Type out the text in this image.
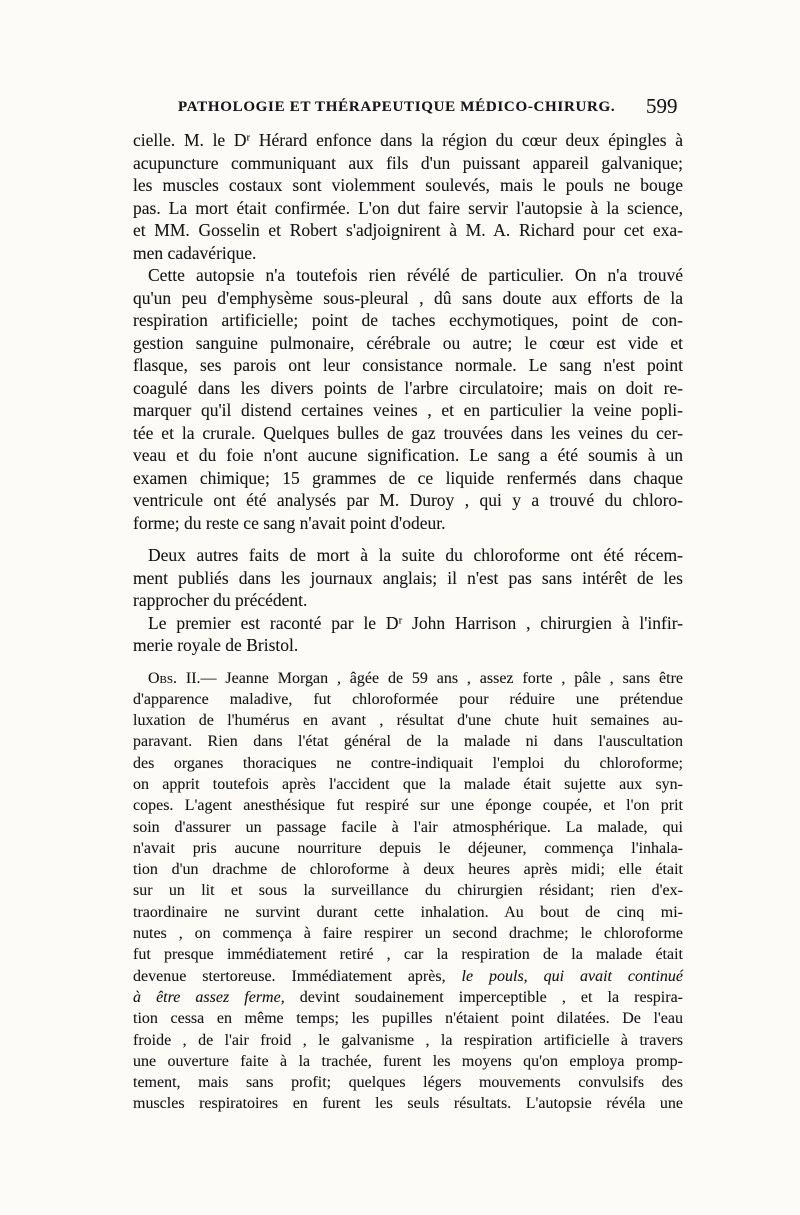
PATHOLOGIE ET THÉRAPEUTIQUE MÉDICO-CHIRURG. 599
cielle. M. le $D^r$ Hérard enfonce dans la région du cœur deux épingles à
acupuncture communiquant aux fils d'un puissant appareil galvanique;
les muscles costaux sont violemment soulevés, mais le pouls ne bouge
pas. La mort était confirmée. L'on dut faire servir l'autopsie à la science,
et MM. Gosselin et Robert s'adjoignirent à M. A. Richard pour cet exa-
men cadavérique.
Cette autopsie n'a toutefois rien révélé de particulier. On n'a trouvé
qu'un peu d'emphysème sous-pleural , dû sans doute aux efforts de la
respiration artificielle; point de taches ecchymotiques, point de con-
gestion sanguine pulmonaire, cérébrale ou autre; le cœur est vide et
flasque, ses parois ont leur consistance normale. Le sang n'est point
coagulé dans les divers points de l'arbre circulatoire; mais on doit re-
marquer qu'il distend certaines veines , et en particulier la veine popli-
tée et la crurale. Quelques bulles de gaz trouvées dans les veines du cer-
veau et du foie n'ont aucune signification. Le sang a été soumis à un
examen chimique; 15 grammes de ce liquide renfermés dans chaque
ventricule ont été analysés par M. Duroy , qui y a trouvé du chloro-
forme; du reste ce sang n'avait point d'odeur.
Deux autres faits de mort à la suite du chloroforme ont été récem-
ment publiés dans les journaux anglais; il n'est pas sans intérêt de les
rapprocher du précédent.
Le premier est raconté par le $D^r$ John Harrison , chirurgien à l'infir-
merie royale de Bristol.
Obs. II.— Jeanne Morgan , âgée de 59 ans , assez forte , pâle , sans être
d'apparence maladive, fut chloroformée pour réduire une prétendue
luxation de l'humérus en avant , résultat d'une chute huit semaines au-
paravant. Rien dans l'état général de la malade ni dans l'auscultation
des organes thoraciques ne contre-indiquait l'emploi du chloroforme;
on apprit toutefois après l'accident que la malade était sujette aux syn-
copes. L'agent anesthésique fut respiré sur une éponge coupée, et l'on prit
soin d'assurer un passage facile à l'air atmosphérique. La malade, qui
n'avait pris aucune nourriture depuis le déjeuner, commença l'inhala-
tion d'un drachme de chloroforme à deux heures après midi; elle était
sur un lit et sous la surveillance du chirurgien résidant; rien d'ex-
traordinaire ne survint durant cette inhalation. Au bout de cinq mi-
nutes , on commença à faire respirer un second drachme; le chloroforme
fut presque immédiatement retiré , car la respiration de la malade était
devenue stertoreuse. Immédiatement après, le pouls, qui avait continué
à être assez ferme, devint soudainement imperceptible , et la respira-
tion cessa en même temps; les pupilles n'étaient point dilatées. De l'eau
froide , de l'air froid , le galvanisme , la respiration artificielle à travers
une ouverture faite à la trachée, furent les moyens qu'on employa promp-
tement, mais sans profit; quelques légers mouvements convulsifs des
muscles respiratoires en furent les seuls résultats. L'autopsie révéla une
